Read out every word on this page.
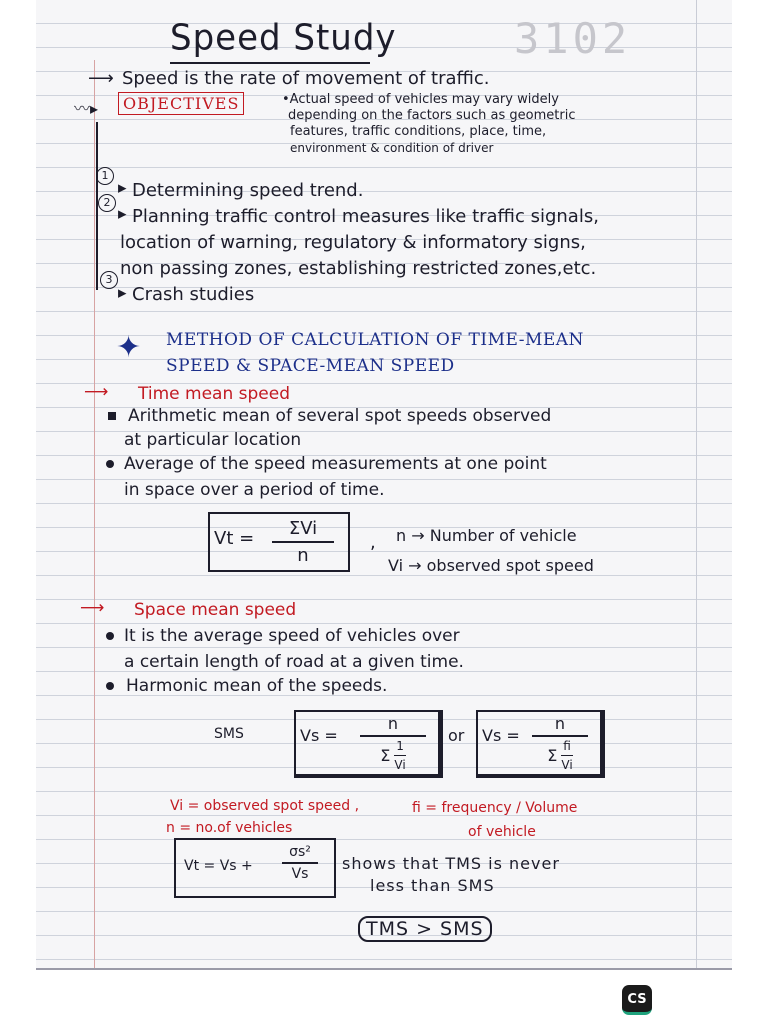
3102
Speed Study
⟶ Speed is the rate of movement of traffic.
〰▸	OBJECTIVES	•Actual speed of vehicles may vary widely
depending on the factors such as geometric
features, traffic conditions, place, time,
environment & condition of driver
1
▸ Determining speed trend.
2
▸ Planning traffic control measures like traffic signals,
location of warning, regulatory & informatory signs,
non passing zones, establishing restricted zones,etc.
3
▸ Crash studies
✦ METHOD OF CALCULATION OF TIME-MEAN
SPEED & SPACE-MEAN SPEED
⟶ Time mean speed
Arithmetic mean of several spot speeds observed
at particular location
Average of the speed measurements at one point
in space over a period of time.
Vt = ΣVi
n
, n → Number of vehicle
Vi → observed spot speed
⟶ Space mean speed
It is the average speed of vehicles over
a certain length of road at a given time.
Harmonic mean of the speeds.
SMS	Vs =
n
Σ $\frac{1}{Vi}$
or Vs =
n
Σ $\frac{fi}{Vi}$
Vi = observed spot speed ,
n = no.of vehicles
fi = frequency / Volume
of vehicle
Vt = Vs +
σs²
Vs
shows that TMS is never
less than SMS
TMS > SMS
CS
